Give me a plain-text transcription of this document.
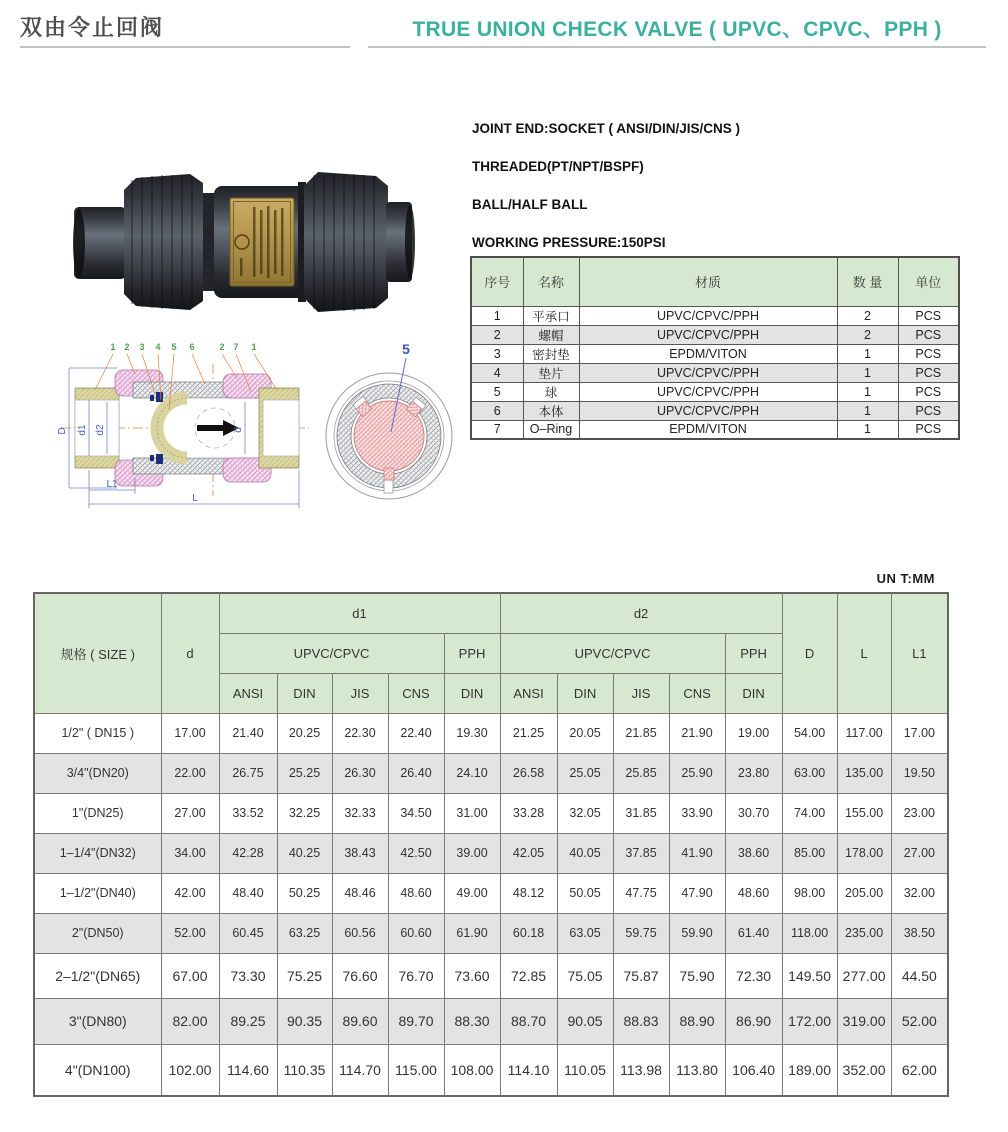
双由令止回阀	TRUE UNION CHECK VALVE ( UPVC、CPVC、PPH )
JOINT END:SOCKET ( ANSI/DIN/JIS/CNS )
THREADED(PT/NPT/BSPF)
BALL/HALF BALL
WORKING PRESSURE:150PSI
序号	名称	材质	数 量	单位
1	平承口	UPVC/CPVC/PPH	2	PCS
2	螺帽	UPVC/CPVC/PPH	2	PCS
3	密封垫	EPDM/VITON	1	PCS
4	垫片	UPVC/CPVC/PPH	1	PCS
5	球	UPVC/CPVC/PPH	1	PCS
6	本体	UPVC/CPVC/PPH	1	PCS
7	O–Ring	EPDM/VITON	1	PCS
1 2 3 4 5 6	2 7 1
D d1 d2	d
L1
L
5
UN T:MM
规格 ( SIZE )	d	d1					d2					D	L	L1
		UPVC/CPVC				PPH	UPVC/CPVC				PPH			
		ANSI	DIN	JIS	CNS	DIN	ANSI	DIN	JIS	CNS	DIN			
1/2" ( DN15 )	17.00	21.40	20.25	22.30	22.40	19.30	21.25	20.05	21.85	21.90	19.00	54.00	117.00	17.00
3/4"(DN20)	22.00	26.75	25.25	26.30	26.40	24.10	26.58	25.05	25.85	25.90	23.80	63.00	135.00	19.50
1"(DN25)	27.00	33.52	32.25	32.33	34.50	31.00	33.28	32.05	31.85	33.90	30.70	74.00	155.00	23.00
1–1/4"(DN32)	34.00	42.28	40.25	38.43	42.50	39.00	42.05	40.05	37.85	41.90	38.60	85.00	178.00	27.00
1–1/2"(DN40)	42.00	48.40	50.25	48.46	48.60	49.00	48.12	50.05	47.75	47.90	48.60	98.00	205.00	32.00
2"(DN50)	52.00	60.45	63.25	60.56	60.60	61.90	60.18	63.05	59.75	59.90	61.40	118.00	235.00	38.50
2–1/2"(DN65)	67.00	73.30	75.25	76.60	76.70	73.60	72.85	75.05	75.87	75.90	72.30	149.50	277.00	44.50
3"(DN80)	82.00	89.25	90.35	89.60	89.70	88.30	88.70	90.05	88.83	88.90	86.90	172.00	319.00	52.00
4"(DN100)	102.00	114.60	110.35	114.70	115.00	108.00	114.10	110.05	113.98	113.80	106.40	189.00	352.00	62.00
